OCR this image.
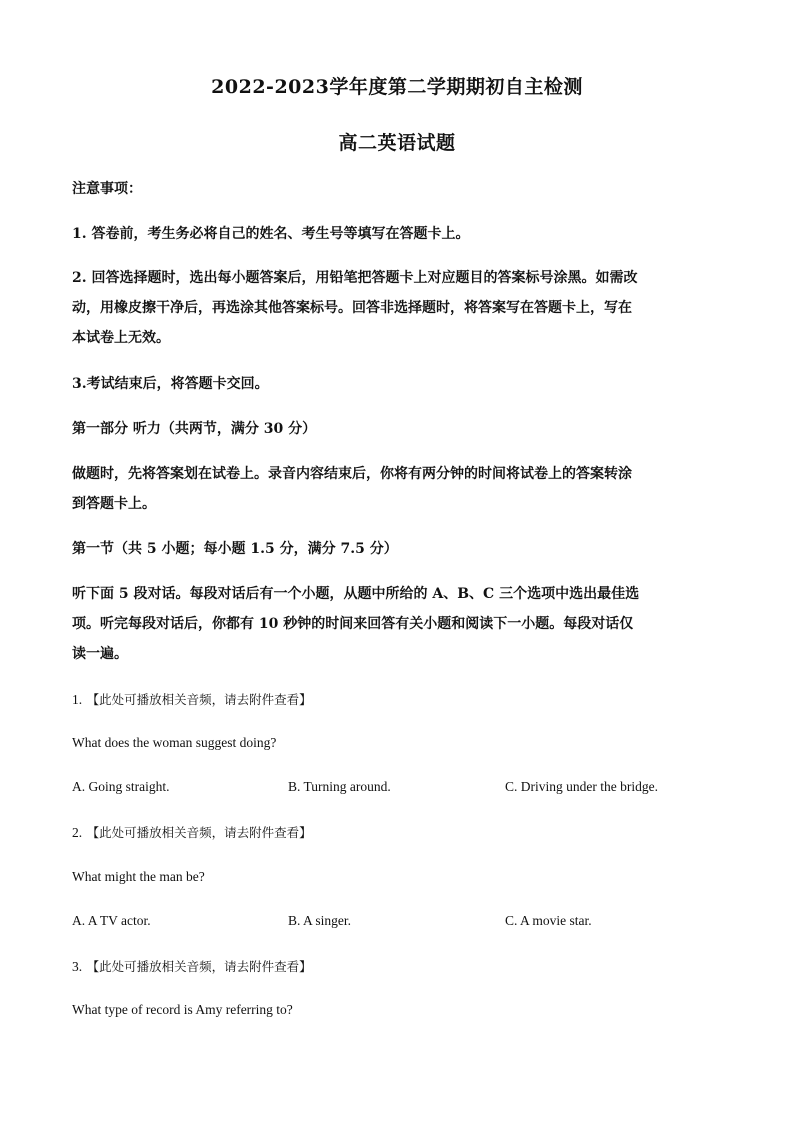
2022-2023学年度第二学期期初自主检测
高二英语试题
注意事项：
1. 答卷前，考生务必将自己的姓名、考生号等填写在答题卡上。
2. 回答选择题时，选出每小题答案后，用铅笔把答题卡上对应题目的答案标号涂黑。如需改
动，用橡皮擦干净后，再选涂其他答案标号。回答非选择题时，将答案写在答题卡上，写在
本试卷上无效。
3.考试结束后，将答题卡交回。
第一部分 听力（共两节，满分 30 分）
做题时，先将答案划在试卷上。录音内容结束后，你将有两分钟的时间将试卷上的答案转涂
到答题卡上。
第一节（共 5 小题；每小题 1.5 分，满分 7.5 分）
听下面 5 段对话。每段对话后有一个小题，从题中所给的 A、B、C 三个选项中选出最佳选
项。听完每段对话后，你都有 10 秒钟的时间来回答有关小题和阅读下一小题。每段对话仅
读一遍。
1. 【此处可播放相关音频，请去附件查看】
What does the woman suggest doing?
A. Going straight.	B. Turning around.	C. Driving under the bridge.
2. 【此处可播放相关音频，请去附件查看】
What might the man be?
A. A TV actor.	B. A singer.	C. A movie star.
3. 【此处可播放相关音频，请去附件查看】
What type of record is Amy referring to?
